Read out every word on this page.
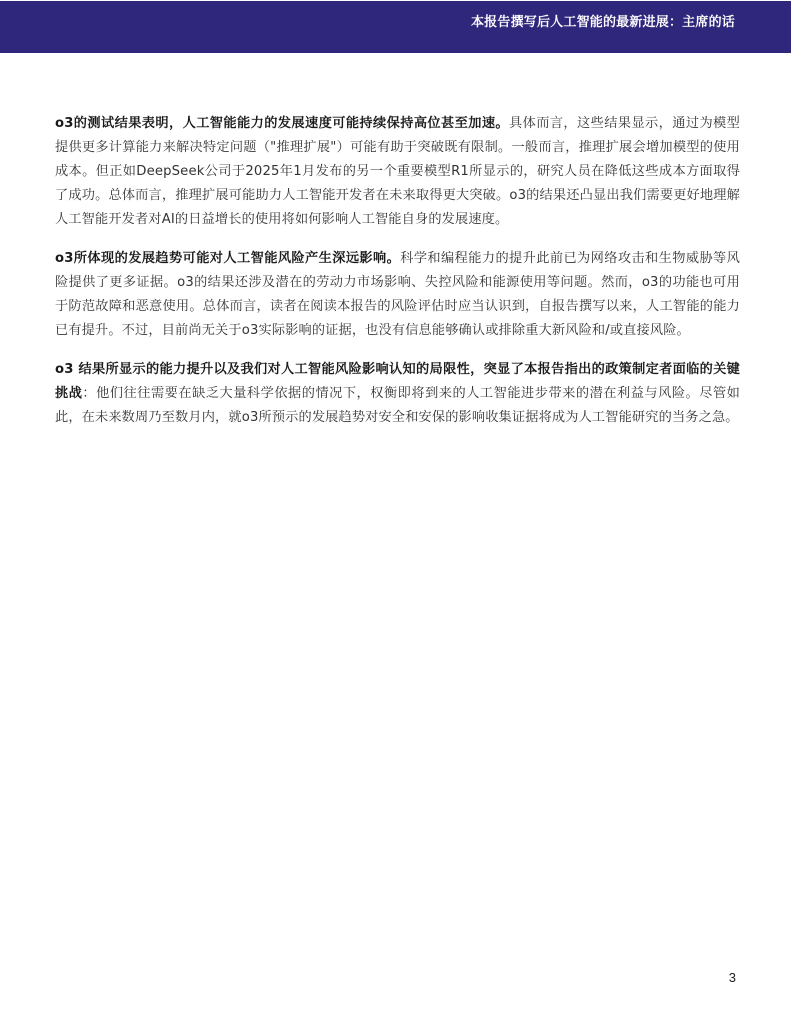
本报告撰写后人工智能的最新进展：主席的话

o3的测试结果表明，人工智能能力的发展速度可能持续保持高位甚至加速。具体而言，这些结果显示，通过为模型提供更多计算能力来解决特定问题（"推理扩展"）可能有助于突破既有限制。一般而言，推理扩展会增加模型的使用成本。但正如DeepSeek公司于2025年1月发布的另一个重要模型R1所显示的，研究人员在降低这些成本方面取得了成功。总体而言，推理扩展可能助力人工智能开发者在未来取得更大突破。o3的结果还凸显出我们需要更好地理解人工智能开发者对AI的日益增长的使用将如何影响人工智能自身的发展速度。

o3所体现的发展趋势可能对人工智能风险产生深远影响。科学和编程能力的提升此前已为网络攻击和生物威胁等风险提供了更多证据。o3的结果还涉及潜在的劳动力市场影响、失控风险和能源使用等问题。然而，o3的功能也可用于防范故障和恶意使用。总体而言，读者在阅读本报告的风险评估时应当认识到，自报告撰写以来，人工智能的能力已有提升。不过，目前尚无关于o3实际影响的证据，也没有信息能够确认或排除重大新风险和/或直接风险。

o3 结果所显示的能力提升以及我们对人工智能风险影响认知的局限性，突显了本报告指出的政策制定者面临的关键挑战：他们往往需要在缺乏大量科学依据的情况下，权衡即将到来的人工智能进步带来的潜在利益与风险。尽管如此，在未来数周乃至数月内，就o3所预示的发展趋势对安全和安保的影响收集证据将成为人工智能研究的当务之急。

3
